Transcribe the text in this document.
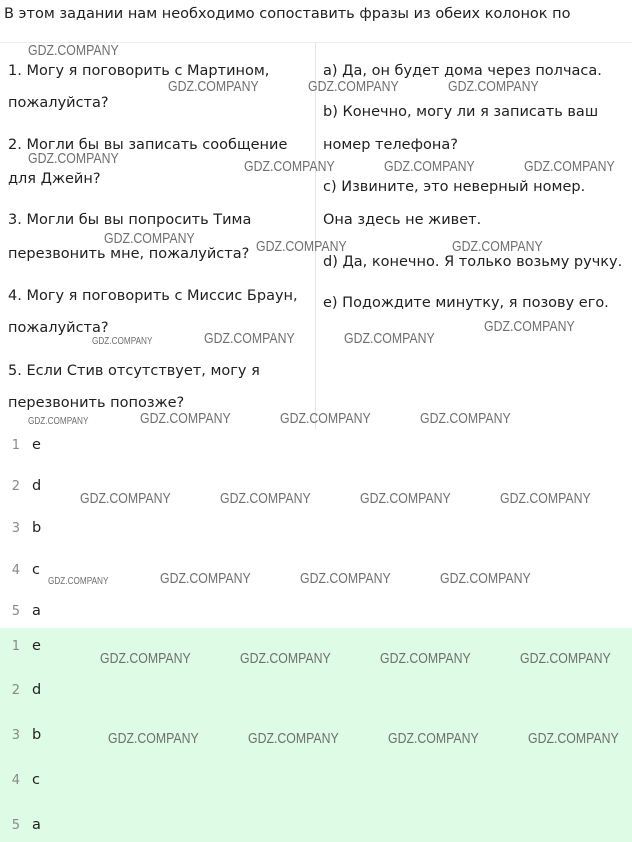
В этом задании нам необходимо сопоставить фразы из обеих колонок по
1. Могу я поговорить с Мартином,
пожалуйста?
2. Могли бы вы записать сообщение
для Джейн?
3. Могли бы вы попросить Тима
перезвонить мне, пожалуйста?
4. Могу я поговорить с Миссис Браун,
пожалуйста?
5. Если Стив отсутствует, могу я
перезвонить попозже?
a) Да, он будет дома через полчаса.
b) Конечно, могу ли я записать ваш
номер телефона?
c) Извините, это неверный номер.
Она здесь не живет.
d) Да, конечно. Я только возьму ручку.
e) Подождите минутку, я позову его.
1 e
2 d
3 b
4 c
5 a
1 e
2 d
3 b
4 c
5 a
GDZ.COMPANY
GDZ.COMPANY	GDZ.COMPANY	GDZ.COMPANY
GDZ.COMPANY	GDZ.COMPANY	GDZ.COMPANY	GDZ.COMPANY
GDZ.COMPANY	GDZ.COMPANY	GDZ.COMPANY
GDZ.COMPANY
GDZ.COMPANY	GDZ.COMPANY	GDZ.COMPANY
GDZ.COMPANY	GDZ.COMPANY	GDZ.COMPANY	GDZ.COMPANY
GDZ.COMPANY	GDZ.COMPANY	GDZ.COMPANY	GDZ.COMPANY
GDZ.COMPANY	GDZ.COMPANY	GDZ.COMPANY	GDZ.COMPANY
GDZ.COMPANY	GDZ.COMPANY	GDZ.COMPANY	GDZ.COMPANY
GDZ.COMPANY	GDZ.COMPANY	GDZ.COMPANY	GDZ.COMPANY
